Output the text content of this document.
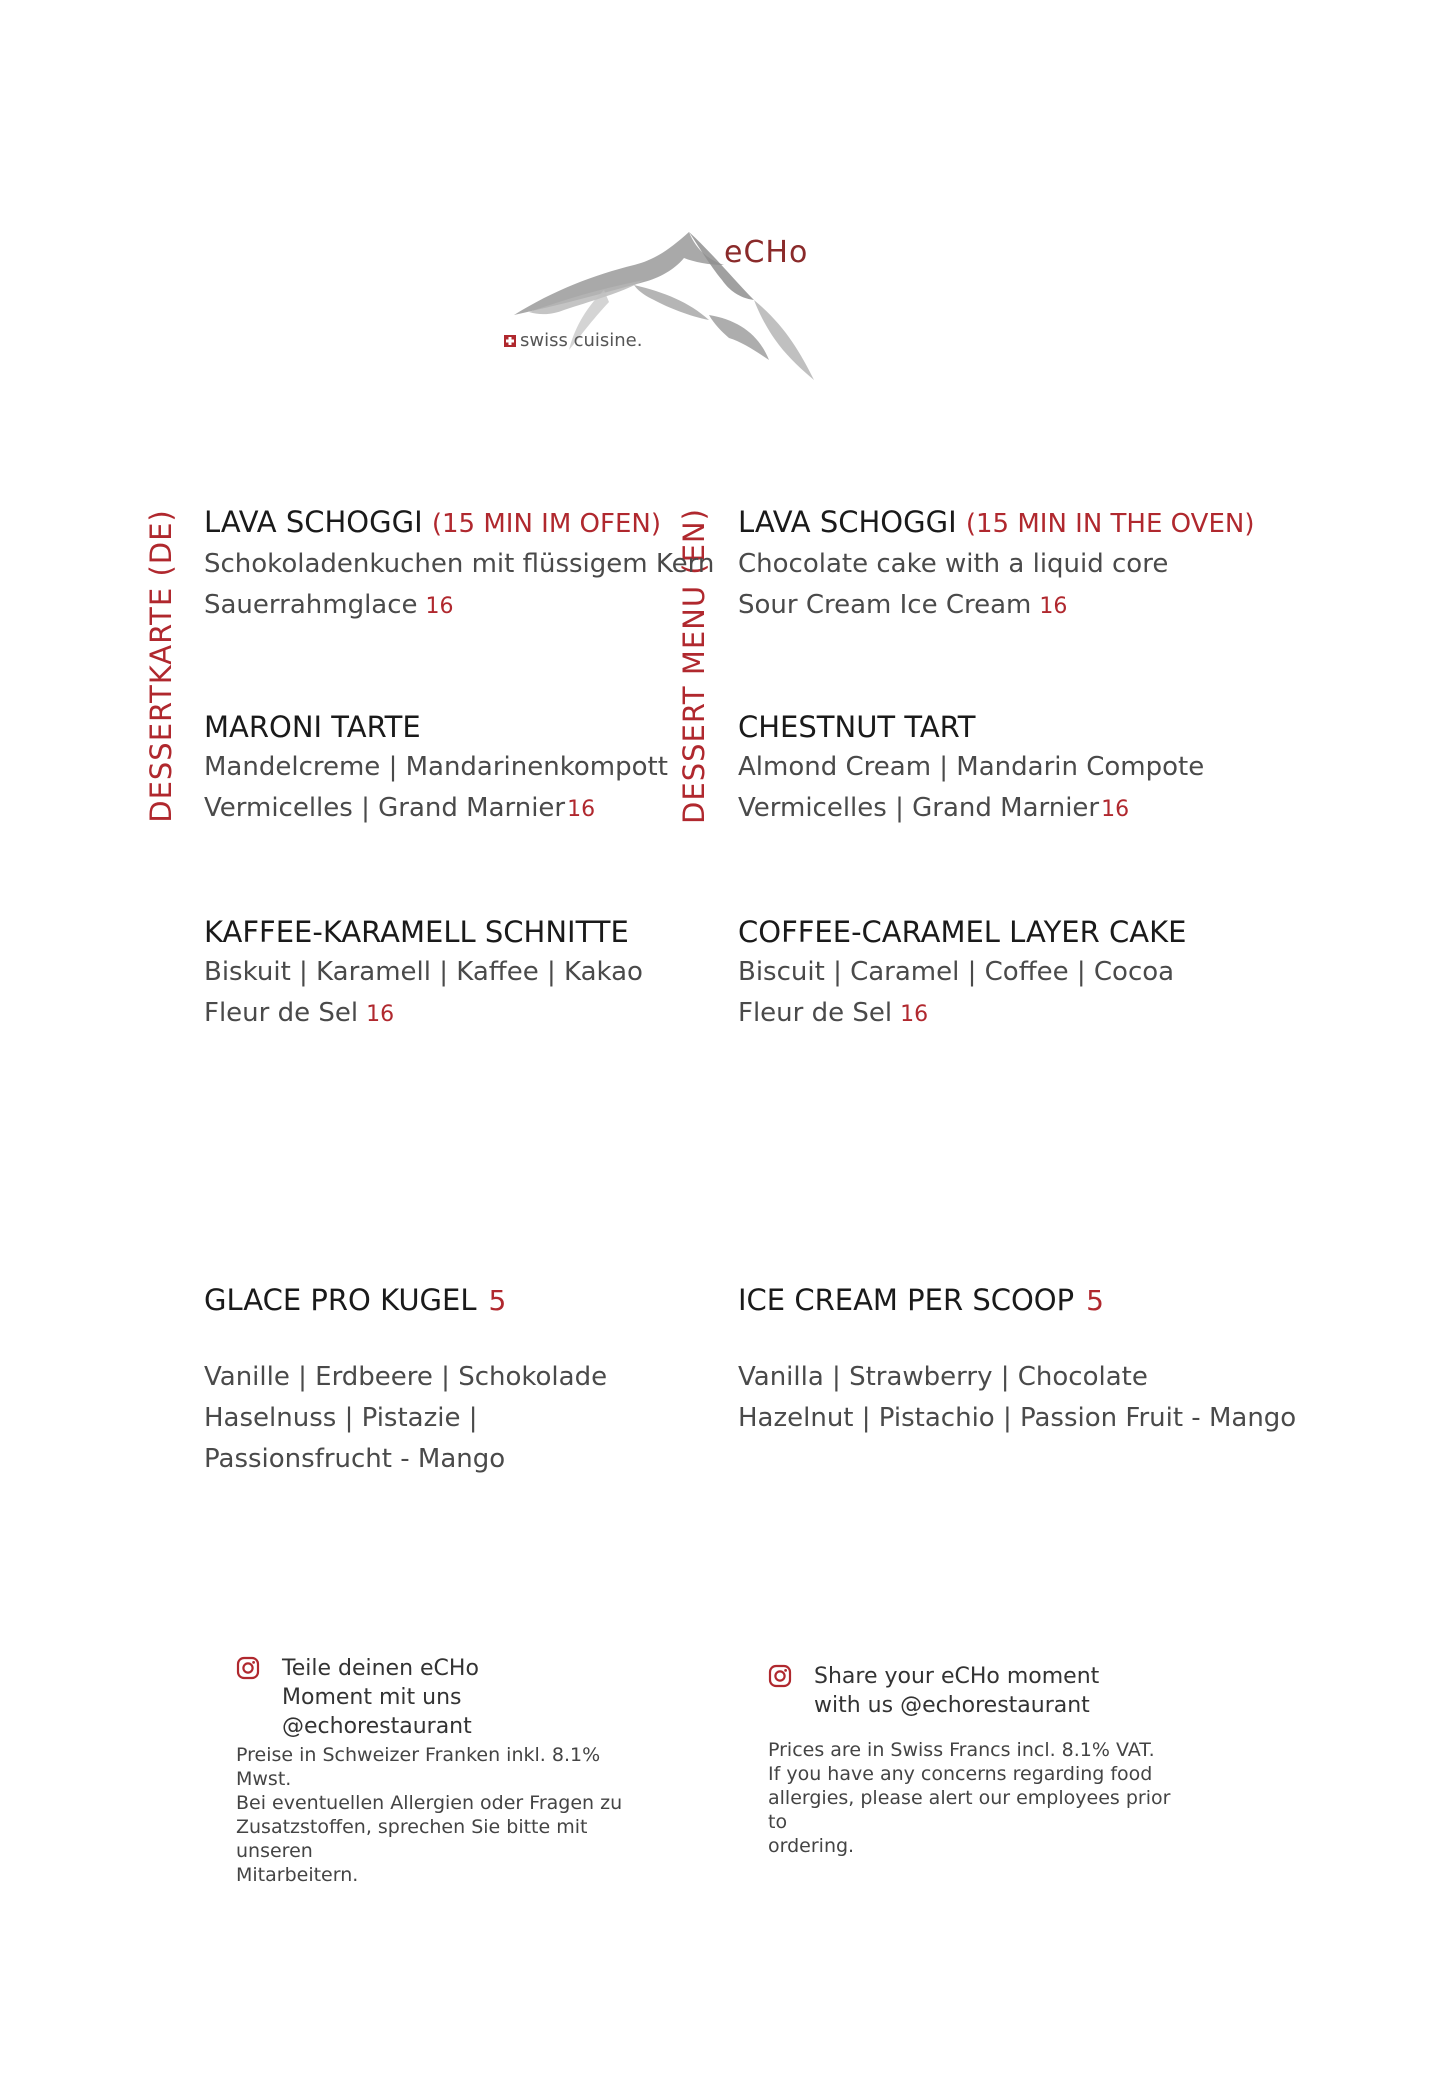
eCHo
swiss cuisine.
DESSERTKARTE (DE)	DESSERT MENU (EN)
LAVA SCHOGGI (15 MIN IM OFEN)
Schokoladenkuchen mit flüssigem Kern
Sauerrahmglace 16
MARONI TARTE
Mandelcreme | Mandarinenkompott
Vermicelles | Grand Marnier16
KAFFEE-KARAMELL SCHNITTE
Biskuit | Karamell | Kaffee | Kakao
Fleur de Sel 16
GLACE PRO KUGEL 5
Vanille | Erdbeere | Schokolade
Haselnuss | Pistazie | Passionsfrucht - Mango
LAVA SCHOGGI (15 MIN IN THE OVEN)
Chocolate cake with a liquid core
Sour Cream Ice Cream 16
CHESTNUT TART
Almond Cream | Mandarin Compote
Vermicelles | Grand Marnier16
COFFEE-CARAMEL LAYER CAKE
Biscuit | Caramel | Coffee | Cocoa
Fleur de Sel 16
ICE CREAM PER SCOOP 5
Vanilla | Strawberry | Chocolate
Hazelnut | Pistachio | Passion Fruit - Mango
Teile deinen eCHo
Moment mit uns
@echorestaurant
Preise in Schweizer Franken inkl. 8.1% Mwst.
Bei eventuellen Allergien oder Fragen zu
Zusatzstoffen, sprechen Sie bitte mit unseren
Mitarbeitern.
Share your eCHo moment
with us @echorestaurant
Prices are in Swiss Francs incl. 8.1% VAT.
If you have any concerns regarding food
allergies, please alert our employees prior to
ordering.
